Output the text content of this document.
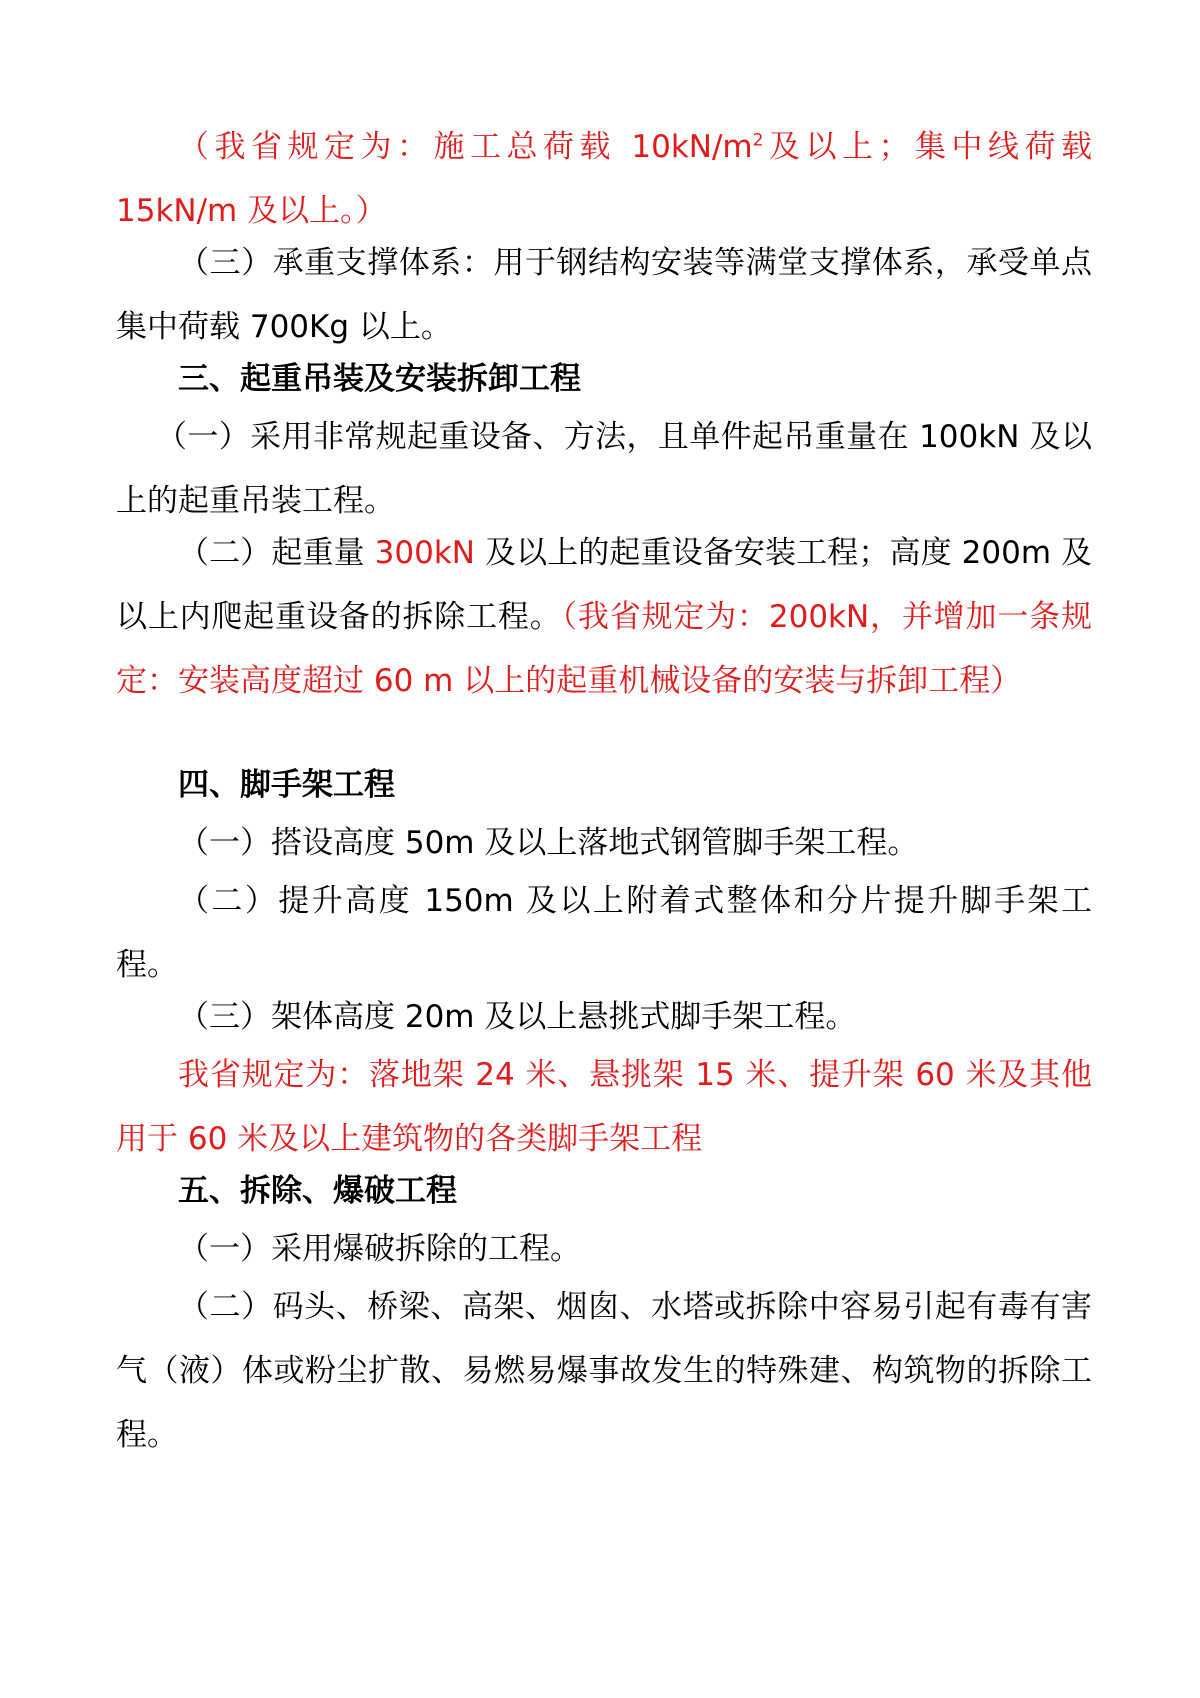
（我省规定为：施工总荷载 $10kN/m^2$及以上；集中线荷载 15kN/m 及以上。）

（三）承重支撑体系：用于钢结构安装等满堂支撑体系，承受单点集中荷载 700Kg 以上。

三、起重吊装及安装拆卸工程

（一）采用非常规起重设备、方法，且单件起吊重量在 100kN 及以上的起重吊装工程。

（二）起重量 300kN 及以上的起重设备安装工程；高度 200m 及以上内爬起重设备的拆除工程。（我省规定为：200kN，并增加一条规定：安装高度超过 60 m 以上的起重机械设备的安装与拆卸工程）

四、脚手架工程

（一）搭设高度 50m 及以上落地式钢管脚手架工程。

（二）提升高度 150m 及以上附着式整体和分片提升脚手架工程。

（三）架体高度 20m 及以上悬挑式脚手架工程。

我省规定为：落地架 24 米、悬挑架 15 米、提升架 60 米及其他用于 60 米及以上建筑物的各类脚手架工程

五、拆除、爆破工程

（一）采用爆破拆除的工程。

（二）码头、桥梁、高架、烟囱、水塔或拆除中容易引起有毒有害气（液）体或粉尘扩散、易燃易爆事故发生的特殊建、构筑物的拆除工程。
